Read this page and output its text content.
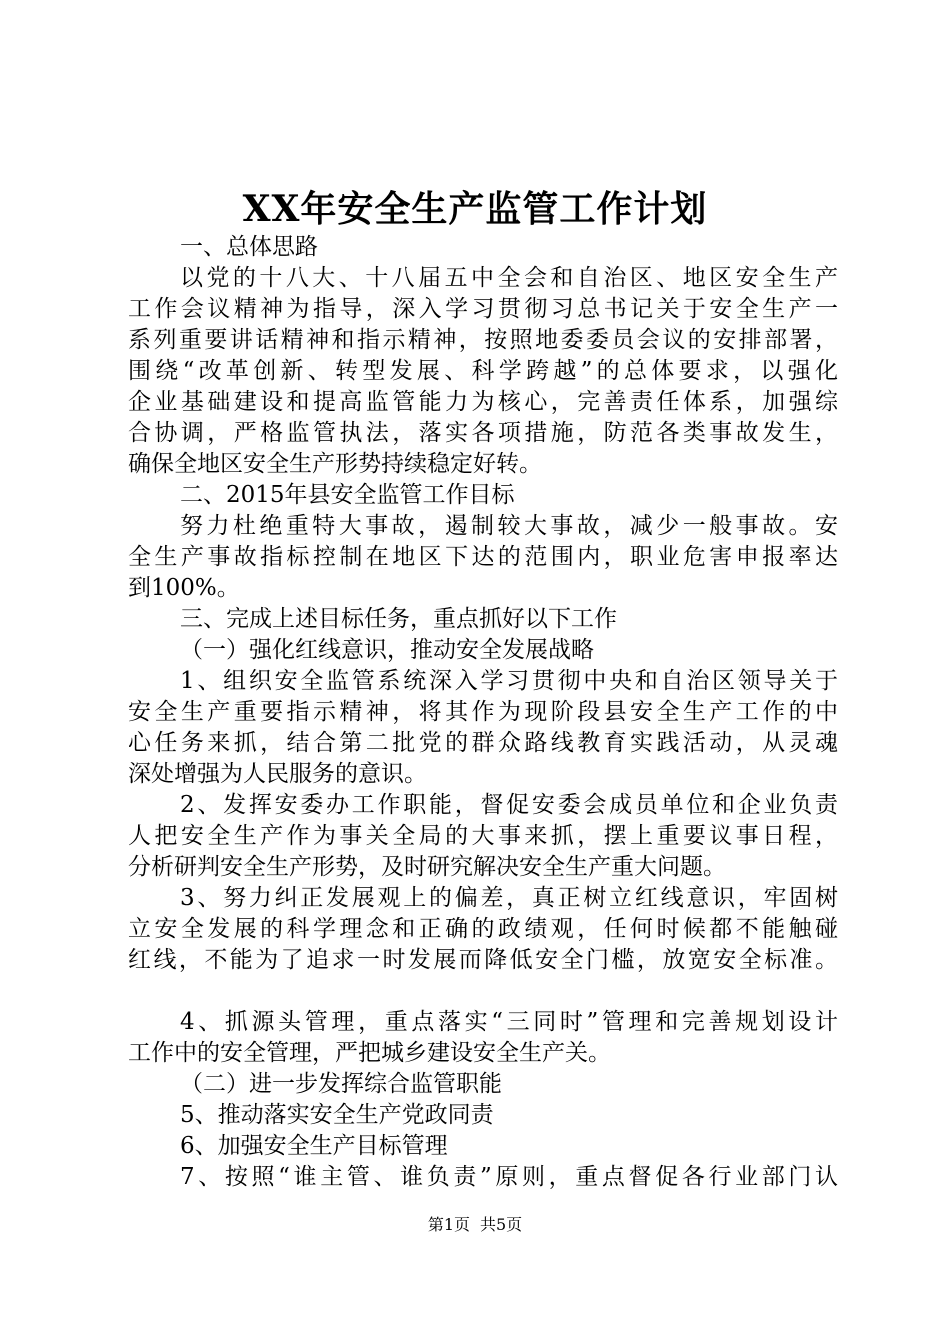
XX年安全生产监管工作计划
一、总体思路
以党的十八大、十八届五中全会和自治区、地区安全生产
工作会议精神为指导，深入学习贯彻习总书记关于安全生产一
系列重要讲话精神和指示精神，按照地委委员会议的安排部署，
围绕“改革创新、转型发展、科学跨越”的总体要求，以强化
企业基础建设和提高监管能力为核心，完善责任体系，加强综
合协调，严格监管执法，落实各项措施，防范各类事故发生，
确保全地区安全生产形势持续稳定好转。
二、2015年县安全监管工作目标
努力杜绝重特大事故，遏制较大事故，减少一般事故。安
全生产事故指标控制在地区下达的范围内，职业危害申报率达
到100%。
三、完成上述目标任务，重点抓好以下工作
（一）强化红线意识，推动安全发展战略
1、组织安全监管系统深入学习贯彻中央和自治区领导关于
安全生产重要指示精神，将其作为现阶段县安全生产工作的中
心任务来抓，结合第二批党的群众路线教育实践活动，从灵魂
深处增强为人民服务的意识。
2、发挥安委办工作职能，督促安委会成员单位和企业负责
人把安全生产作为事关全局的大事来抓，摆上重要议事日程，
分析研判安全生产形势，及时研究解决安全生产重大问题。
3、努力纠正发展观上的偏差，真正树立红线意识，牢固树
立安全发展的科学理念和正确的政绩观，任何时候都不能触碰
红线，不能为了追求一时发展而降低安全门槛，放宽安全标准。
4、抓源头管理，重点落实“三同时”管理和完善规划设计
工作中的安全管理，严把城乡建设安全生产关。
（二）进一步发挥综合监管职能
5、推动落实安全生产党政同责
6、加强安全生产目标管理
7、按照“谁主管、谁负责”原则，重点督促各行业部门认
第1页 共5页
